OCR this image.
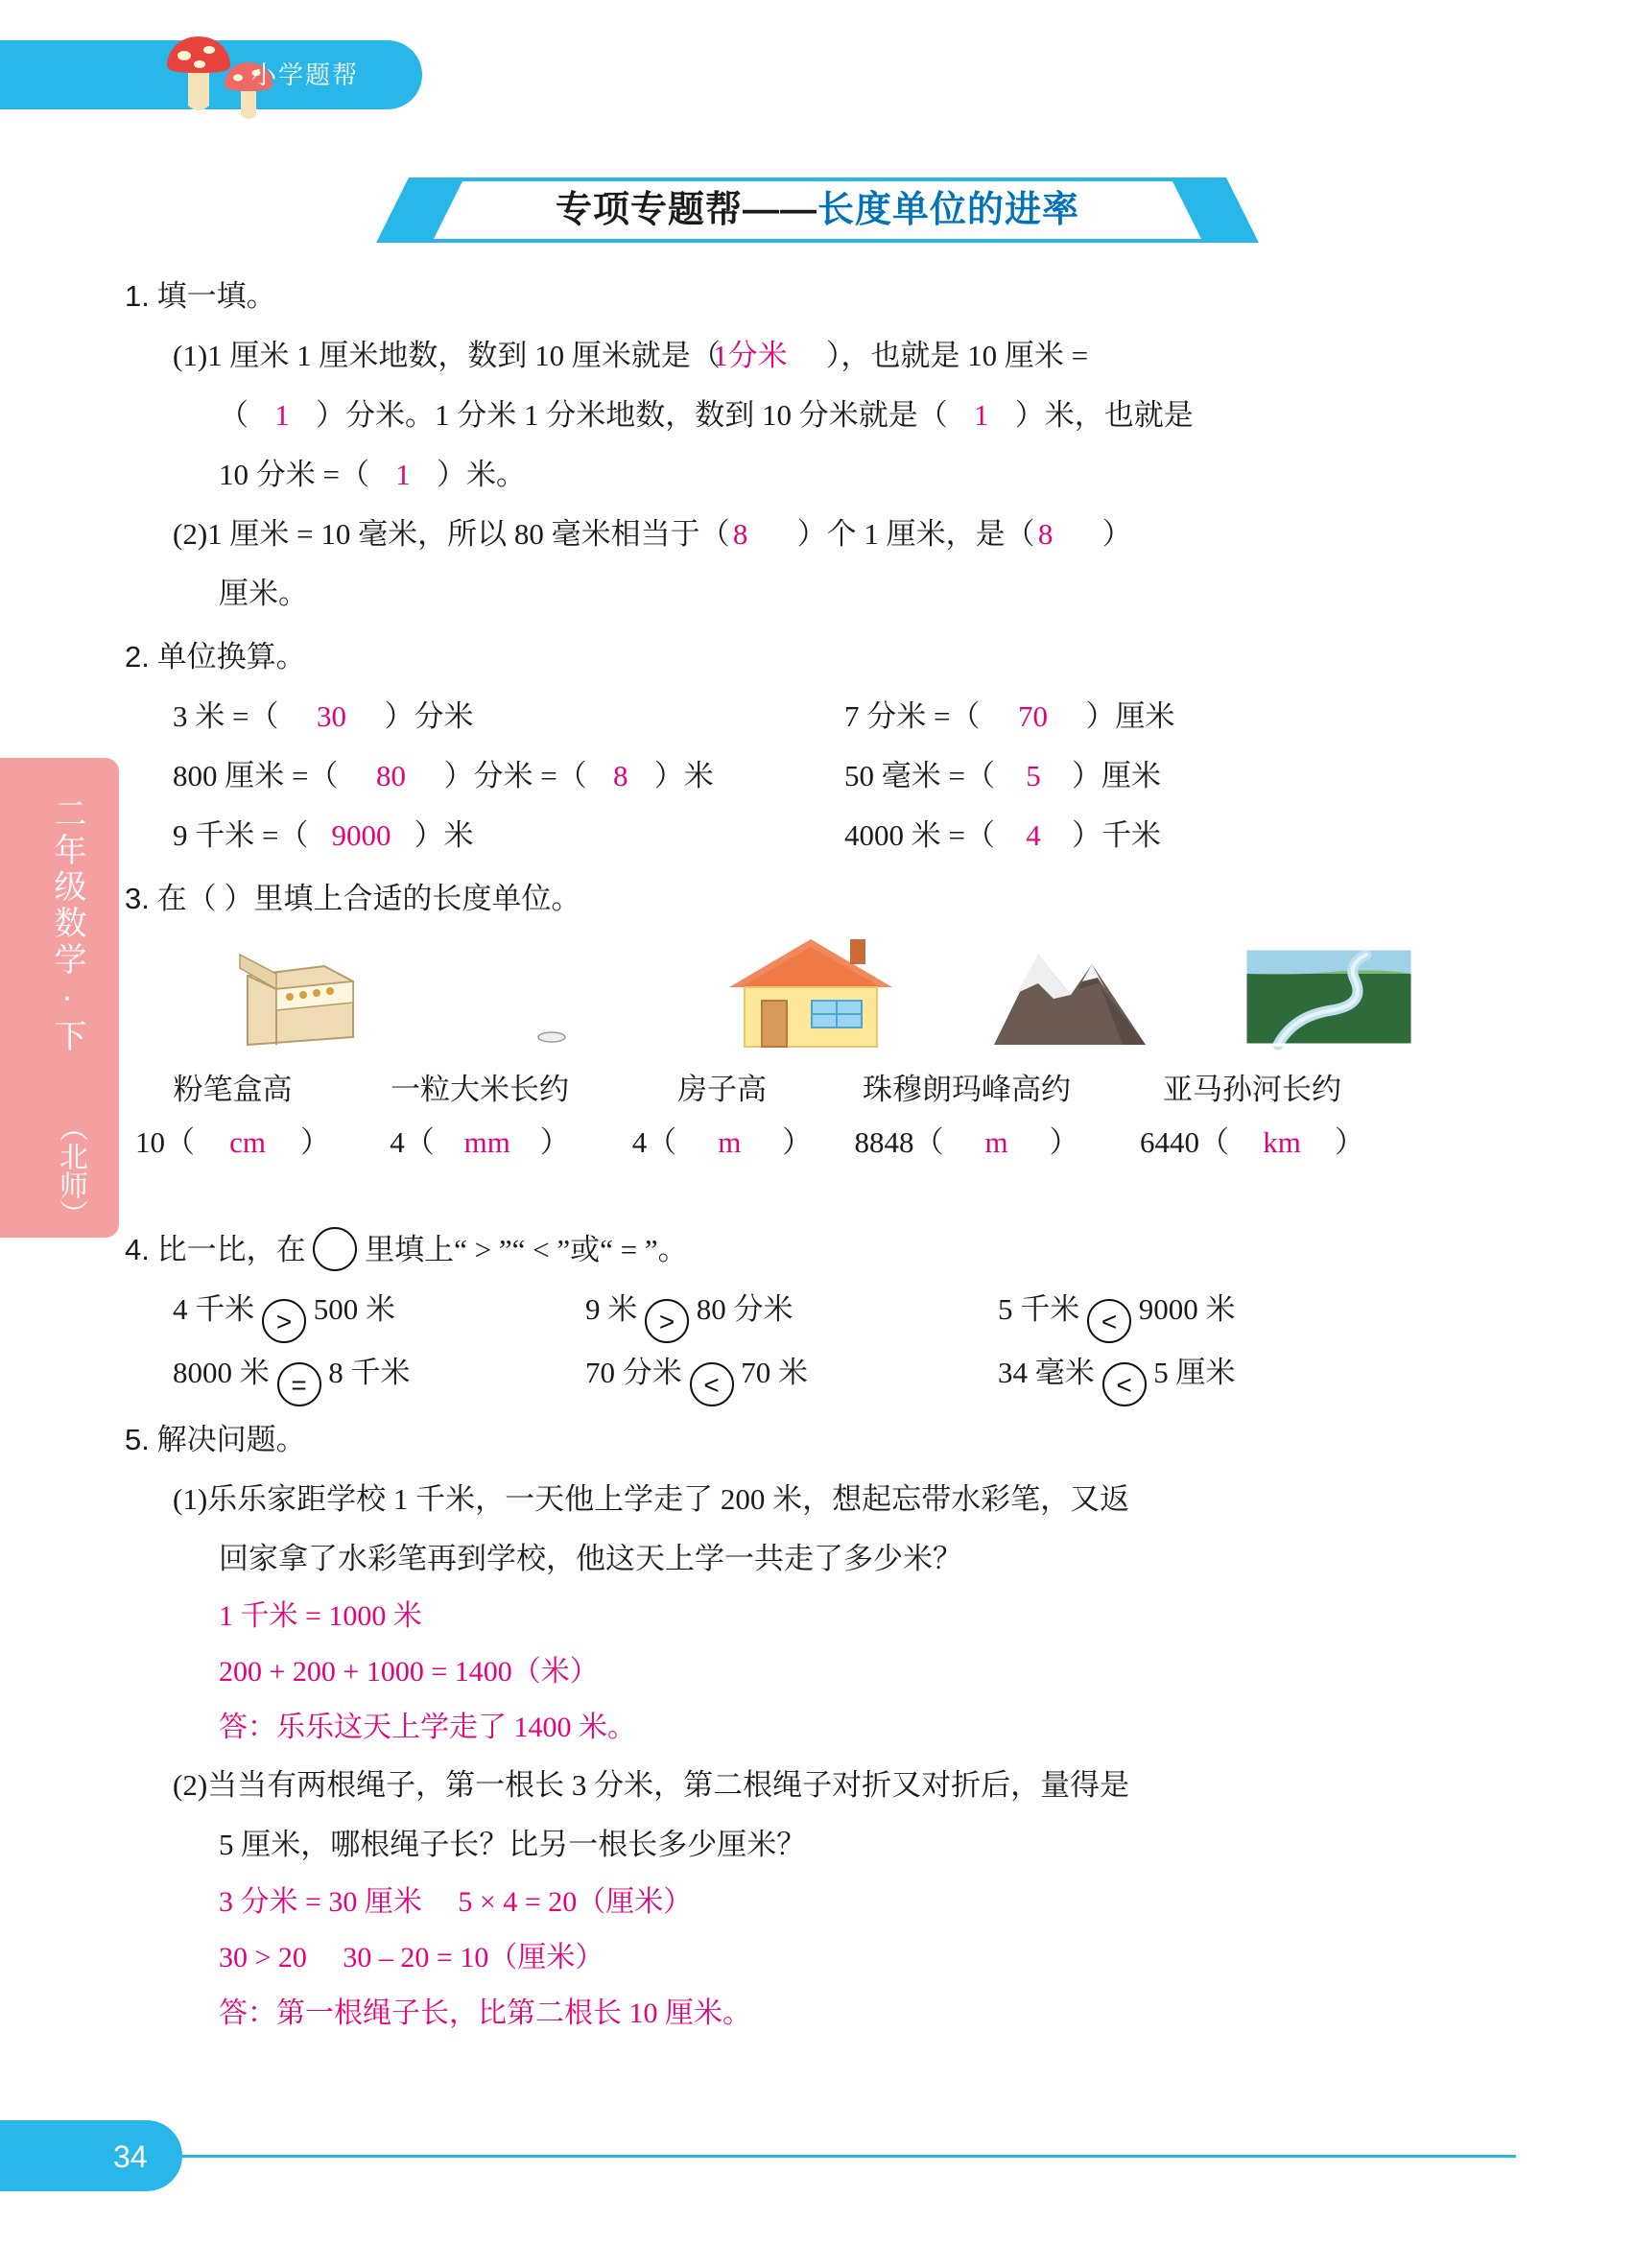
小学题帮
二年级数学·下
（北师）
专项专题帮——长度单位的进率
1. 填一填。
(1)1 厘米 1 厘米地数，数到 10 厘米就是（1分米 ），也就是 10 厘米 =
（ 1 ）分米。1 分米 1 分米地数，数到 10 分米就是（ 1 ）米，也就是
10 分米 =（ 1 ）米。
(2)1 厘米 = 10 毫米，所以 80 毫米相当于（ 8 ）个 1 厘米，是（ 8 ）
厘米。
2. 单位换算。
3 米 =（ 30 ）分米	7 分米 =（ 70 ）厘米
800 厘米 =（ 80 ）分米 =（ 8 ）米	50 毫米 =（ 5 ）厘米
9 千米 =（ 9000 ）米	4000 米 =（ 4 ）千米
3. 在（ ）里填上合适的长度单位。
4. 比一比，在 里填上“ > ”“ < ”或“ = ”。
4 千米 > 500 米	9 米 > 80 分米	5 千米 < 9000 米
8000 米 = 8 千米	70 分米 < 70 米	34 毫米 < 5 厘米
5. 解决问题。
(1)乐乐家距学校 1 千米，一天他上学走了 200 米，想起忘带水彩笔，又返
回家拿了水彩笔再到学校，他这天上学一共走了多少米？
1 千米 = 1000 米
200 + 200 + 1000 = 1400（米）
答：乐乐这天上学走了 1400 米。
(2)当当有两根绳子，第一根长 3 分米，第二根绳子对折又对折后，量得是
5 厘米，哪根绳子长？比另一根长多少厘米？
3 分米 = 30 厘米　 5 × 4 = 20（厘米）
30 > 20　 30 – 20 = 10（厘米）
答：第一根绳子长，比第二根长 10 厘米。
粉笔盒高	一粒大米长约	房子高	珠穆朗玛峰高约	亚马孙河长约
10（ cm ）	4（ mm ）	4（ m ）	8848（ m ）	6440（ km ）
34
